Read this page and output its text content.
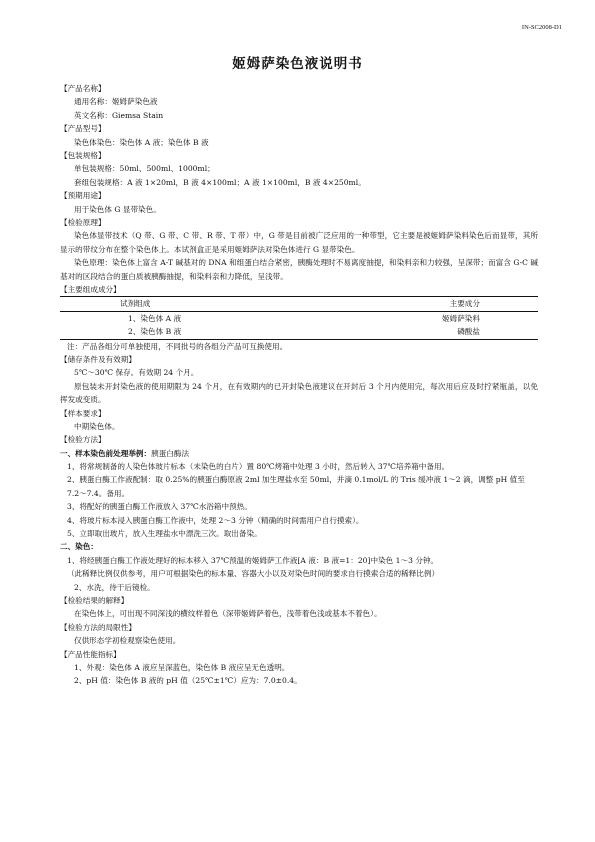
IN-SC2008-D1
姬姆萨染色液说明书
【产品名称】
通用名称：姬姆萨染色液
英文名称：Giemsa Stain
【产品型号】
染色体染色：染色体 A 液；染色体 B 液
【包装规格】
单包装规格：50ml、500ml、1000ml；
套组包装规格：A 液 1×20ml，B 液 4×100ml；A 液 1×100ml，B 液 4×250ml。
【预期用途】
用于染色体 G 显带染色。
【检验原理】
染色体显带技术（Q 带、G 带、C 带、R 带、T 带）中，G 带是目前被广泛应用的一种带型，它主要是被姬姆萨染料染色后而显带，其所显示的带纹分布在整个染色体上。本试剂盒正是采用姬姆萨法对染色体进行 G 显带染色。
染色原理：染色体上富含 A-T 碱基对的 DNA 和组蛋白结合紧密，胰酶处理时不易离度抽提，和染料亲和力较强，呈深带；而富含 G-C 碱基对的区段结合的蛋白质被胰酶抽提，和染料亲和力降低，呈浅带。
【主要组成成分】
试剂组成	主要成分
1、染色体 A 液	姬姆萨染料
2、染色体 B 液	磷酸盐
注：产品各组分可单独使用，不同批号的各组分产品可互换使用。
【储存条件及有效期】
5℃～30℃ 保存。有效期 24 个月。
原包装未开封染色液的使用期限为 24 个月，在有效期内的已开封染色液建议在开封后 3 个月内使用完，每次用后应及时拧紧瓶盖，以免挥发或变质。
【样本要求】
中期染色体。
【检验方法】
一、样本染色前处理举例：胰蛋白酶法
1、将常规制备的人染色体玻片标本（未染色的白片）置 80℃烤箱中处理 3 小时，然后转入 37℃培养箱中备用。
2、胰蛋白酶工作液配制：取 0.25%的胰蛋白酶原液 2ml 加生理盐水至 50ml，并滴 0.1mol/L 的 Tris 缓冲液 1～2 滴，调整 pH 值至 7.2～7.4。备用。
3、将配好的胰蛋白酶工作液放入 37℃水浴箱中预热。
4、将玻片标本浸入胰蛋白酶工作液中，处理 2～3 分钟（精确的时间需用户自行摸索）。
5、立即取出玻片，放入生理盐水中漂洗三次。取出备染。
二、染色：
1、将经胰蛋白酶工作液处理好的标本移入 37℃预温的姬姆萨工作液[A 液：B 液=1：20]中染色 1～3 分钟。
（此稀释比例仅供参考，用户可根据染色的标本量、容器大小以及对染色时间的要求自行摸索合适的稀释比例）
2、水洗，待干后镜检。
【检验结果的解释】
在染色体上，可出现不同深浅的横纹样着色（深带姬姆萨着色，浅带着色浅或基本不着色）。
【检验方法的局限性】
仅供形态学初检观察染色使用。
【产品性能指标】
1、外观：染色体 A 液应呈深蓝色，染色体 B 液应呈无色透明。
2、pH 值：染色体 B 液的 pH 值（25℃±1℃）应为：7.0±0.4。
